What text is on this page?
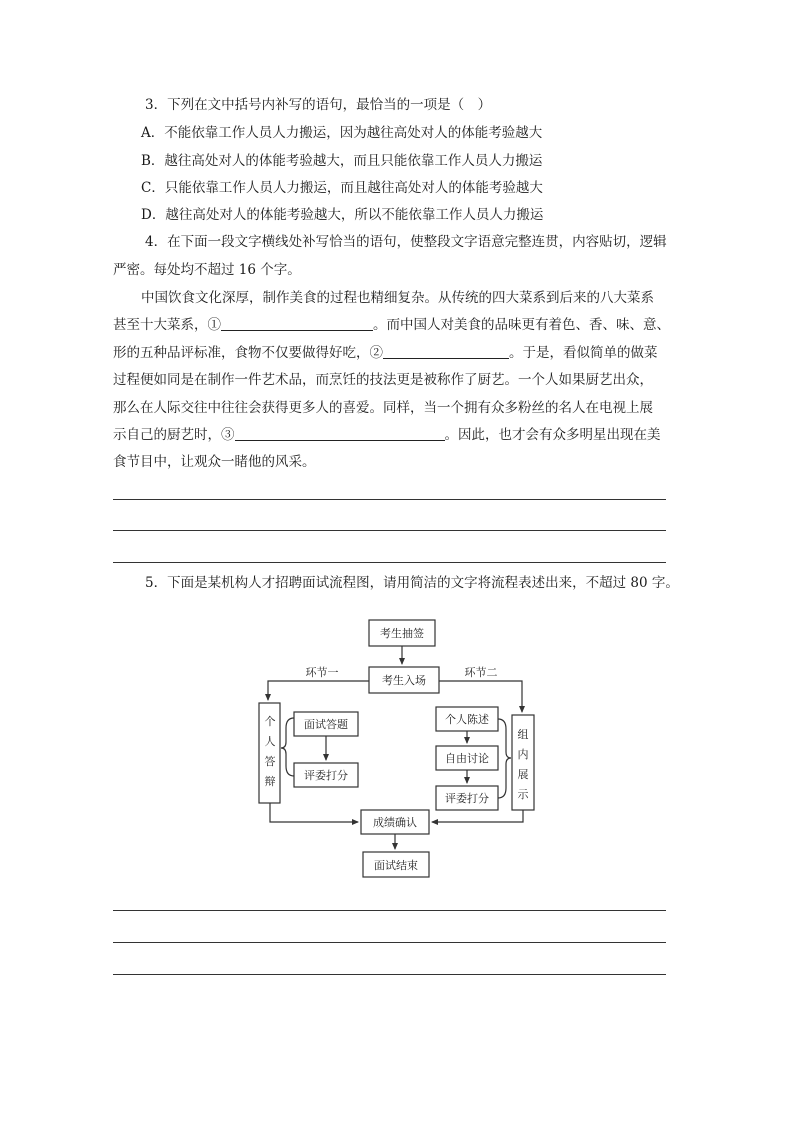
3．下列在文中括号内补写的语句，最恰当的一项是（　）
A．不能依靠工作人员人力搬运，因为越往高处对人的体能考验越大
B．越往高处对人的体能考验越大，而且只能依靠工作人员人力搬运
C．只能依靠工作人员人力搬运，而且越往高处对人的体能考验越大
D．越往高处对人的体能考验越大，所以不能依靠工作人员人力搬运
4．在下面一段文字横线处补写恰当的语句，使整段文字语意完整连贯，内容贴切，逻辑
严密。每处均不超过 16 个字。
中国饮食文化深厚，制作美食的过程也精细复杂。从传统的四大菜系到后来的八大菜系
甚至十大菜系，①	。而中国人对美食的品味更有着色、香、味、意、
形的五种品评标准，食物不仅要做得好吃，②	。于是，看似简单的做菜
过程便如同是在制作一件艺术品，而烹饪的技法更是被称作了厨艺。一个人如果厨艺出众，
那么在人际交往中往往会获得更多人的喜爱。同样，当一个拥有众多粉丝的名人在电视上展
示自己的厨艺时，③	。因此，也才会有众多明星出现在美
食节目中，让观众一睹他的风采。
5．下面是某机构人才招聘面试流程图，请用简洁的文字将流程表述出来，不超过 80 字。
考生抽签
考生入场
环节一	环节二
个
人
答
辩
面试答题
评委打分
个人陈述
自由讨论
评委打分
组
内
展
示
成绩确认
面试结束
